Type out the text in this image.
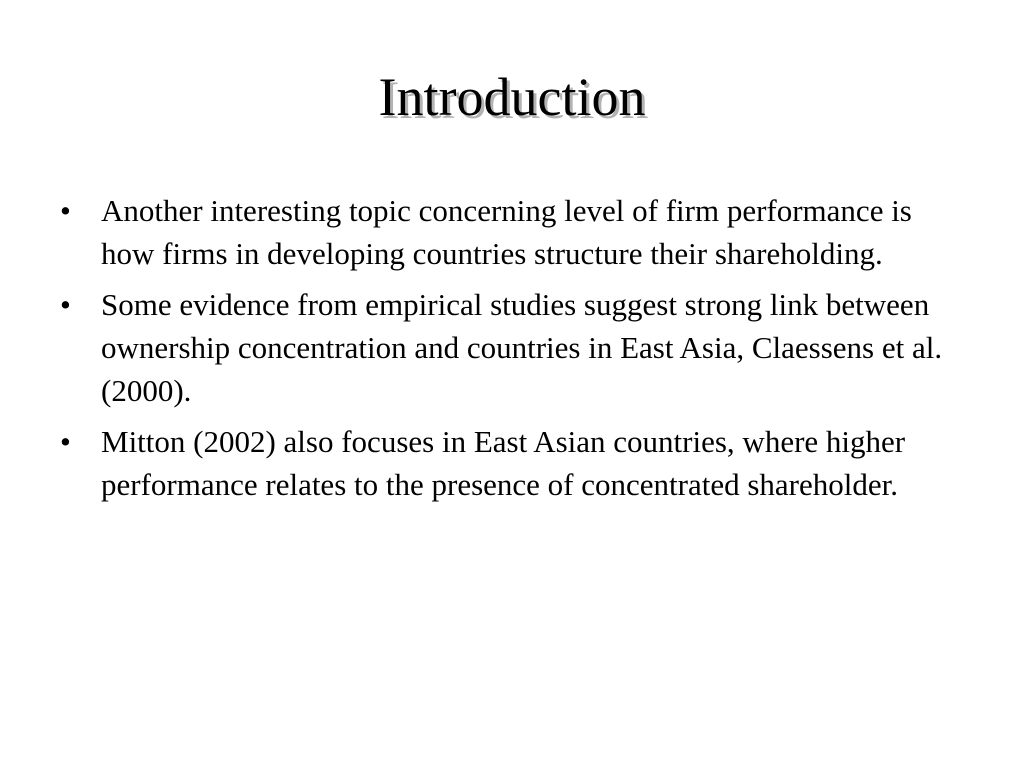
Introduction
• Another interesting topic concerning level of firm performance is how firms in developing countries structure their shareholding.
• Some evidence from empirical studies suggest strong link between ownership concentration and countries in East Asia, Claessens et al. (2000).
• Mitton (2002) also focuses in East Asian countries, where higher performance relates to the presence of concentrated shareholder.
